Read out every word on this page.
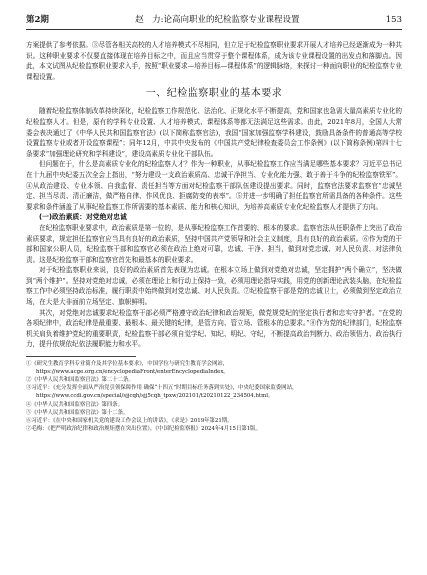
第2期	赵　力:论高向职业的纪检监察专业课程设置	153

方案提供了参考依据。③尽管各相关高校的人才培养模式不尽相同，但立足于纪检监察职业要求开展人才培养已经逐渐成为一种共识。这种职业要求不仅要直接体现在培养目标之中，而且应当贯穿于整个课程体系，成为该专业课程设置的出发点和落脚点。因此，本文试图从纪检监察职业要求入手，按照“职业要求—培养目标—课程体系”的逻辑脉络，来探讨一种面向职业的纪检监察专业课程设置。

一、纪检监察职业的基本要求

随着纪检监察体制改革持续深化，纪检监察工作规范化、法治化、正规化水平不断提高，党和国家也急需大量高素质专业化的纪检监察人才。但是，原有的学科专业设置、人才培养模式、课程体系等都无法满足这些需求。由此，2021年8月，全国人大常委会表决通过了《中华人民共和国监察官法》(以下简称监察官法)，我国“国家加强监察学科建设，鼓励具备条件的普通高等学校设置监察专业或者开设监察课程”；同年12月，中共中央发布的《中国共产党纪律检查委员会工作条例》(以下简称条例)第四十七条要求“加强理论研究和学科建设”，建设高素质专业化干部队伍。

但问题在于，什么是高素质专业化的纪检监察人才？作为一种职业，从事纪检监察工作应当满足哪些基本要求？习近平总书记在十九届中央纪委五次全会上指出，“努力建设一支政治素质高、忠诚干净担当、专业化能力强、敢于善于斗争的纪检监察铁军”。④从政治建设、专业本领、自我监督、责任担当等方面对纪检监察干部队伍建设提出要求。同时，监察官法要求监察官“忠诚坚定、担当尽责、清正廉洁，做严格自律、作风优良、拒腐防变的表率”。⑤并进一步明确了担任监察官所需具备的各种条件。这些要求和条件涵盖了从事纪检监察工作所需要的基本素质、能力和核心知识，为培养高素质专业化纪检监察人才提供了方向。

(一)政治素质：对党绝对忠诚

在纪检监察职业要求中，政治素质是第一位的，是从事纪检监察工作首要的、根本的要求。监察官法从任职条件上突出了政治素质要求，规定担任监察官应当具有良好的政治素质，坚持中国共产党领导和社会主义制度，具有良好的政治素质。⑥作为党的干部和国家公职人员，纪检监察干部和监察官必须在政治上绝对可靠，忠诚、干净、担当，做到对党忠诚、对人民负责、对法律负责。这是纪检监察干部和监察官首先和最基本的职业要求。

对于纪检监察职业来说，良好的政治素质首先表现为忠诚。在根本立场上做到对党绝对忠诚，坚定拥护“两个确立”，坚决做到“两个维护”。坚持对党绝对忠诚，必须在理论上和行动上保持一致，必须用理论指导实践，用党的创新理论武装头脑，在纪检监察工作中必须坚持政治标准，履行职责中始终做到对党忠诚、对人民负责。⑦纪检监察干部是党的忠诚卫士，必须做到坚定政治立场，在大是大非面前立场坚定、旗帜鲜明。

其次，对党绝对忠诚要求纪检监察干部必须严格遵守政治纪律和政治规矩，做党规党纪的坚定执行者和忠实守护者。“在党的各项纪律中，政治纪律是最重要、最根本、最关键的纪律，是管方向、管立场、管根本的总要求。”⑧作为党的纪律部门，纪检监察机关肩负着维护党纪的重要职责，纪检监察干部必须自觉学纪、知纪、明纪、守纪，不断提高政治判断力、政治领悟力、政治执行力，提升依规依纪依法履职能力和水平。

①《研究生教育学科专业简介及其学位基本要求》，中国学位与研究生教育学会网站，https://www.acge.org.cn/encyclopediaFront/enterEncyclopediaIndex。
②《中华人民共和国监察官法》第二十二条。
③习近平：《充分发挥全面从严治党引领保障作用 确保“十四五”时期目标任务落到实处》，中央纪委国家监委网站，https://www.ccdi.gov.cn/special/sjjcqh/sjj5cqh_tpxw/202101/t20210122_234504.html。
④《中华人民共和国监察官法》第四条。
⑤《中华人民共和国监察官法》第十二条。
⑥习近平：《在中央和国家机关党的建设工作会议上的讲话》，《求是》2019年第21期。
⑦毛梅：《把严明政治纪律和政治规矩摆在突出位置》，《中国纪检监察报》2024年4月15日第1版。
